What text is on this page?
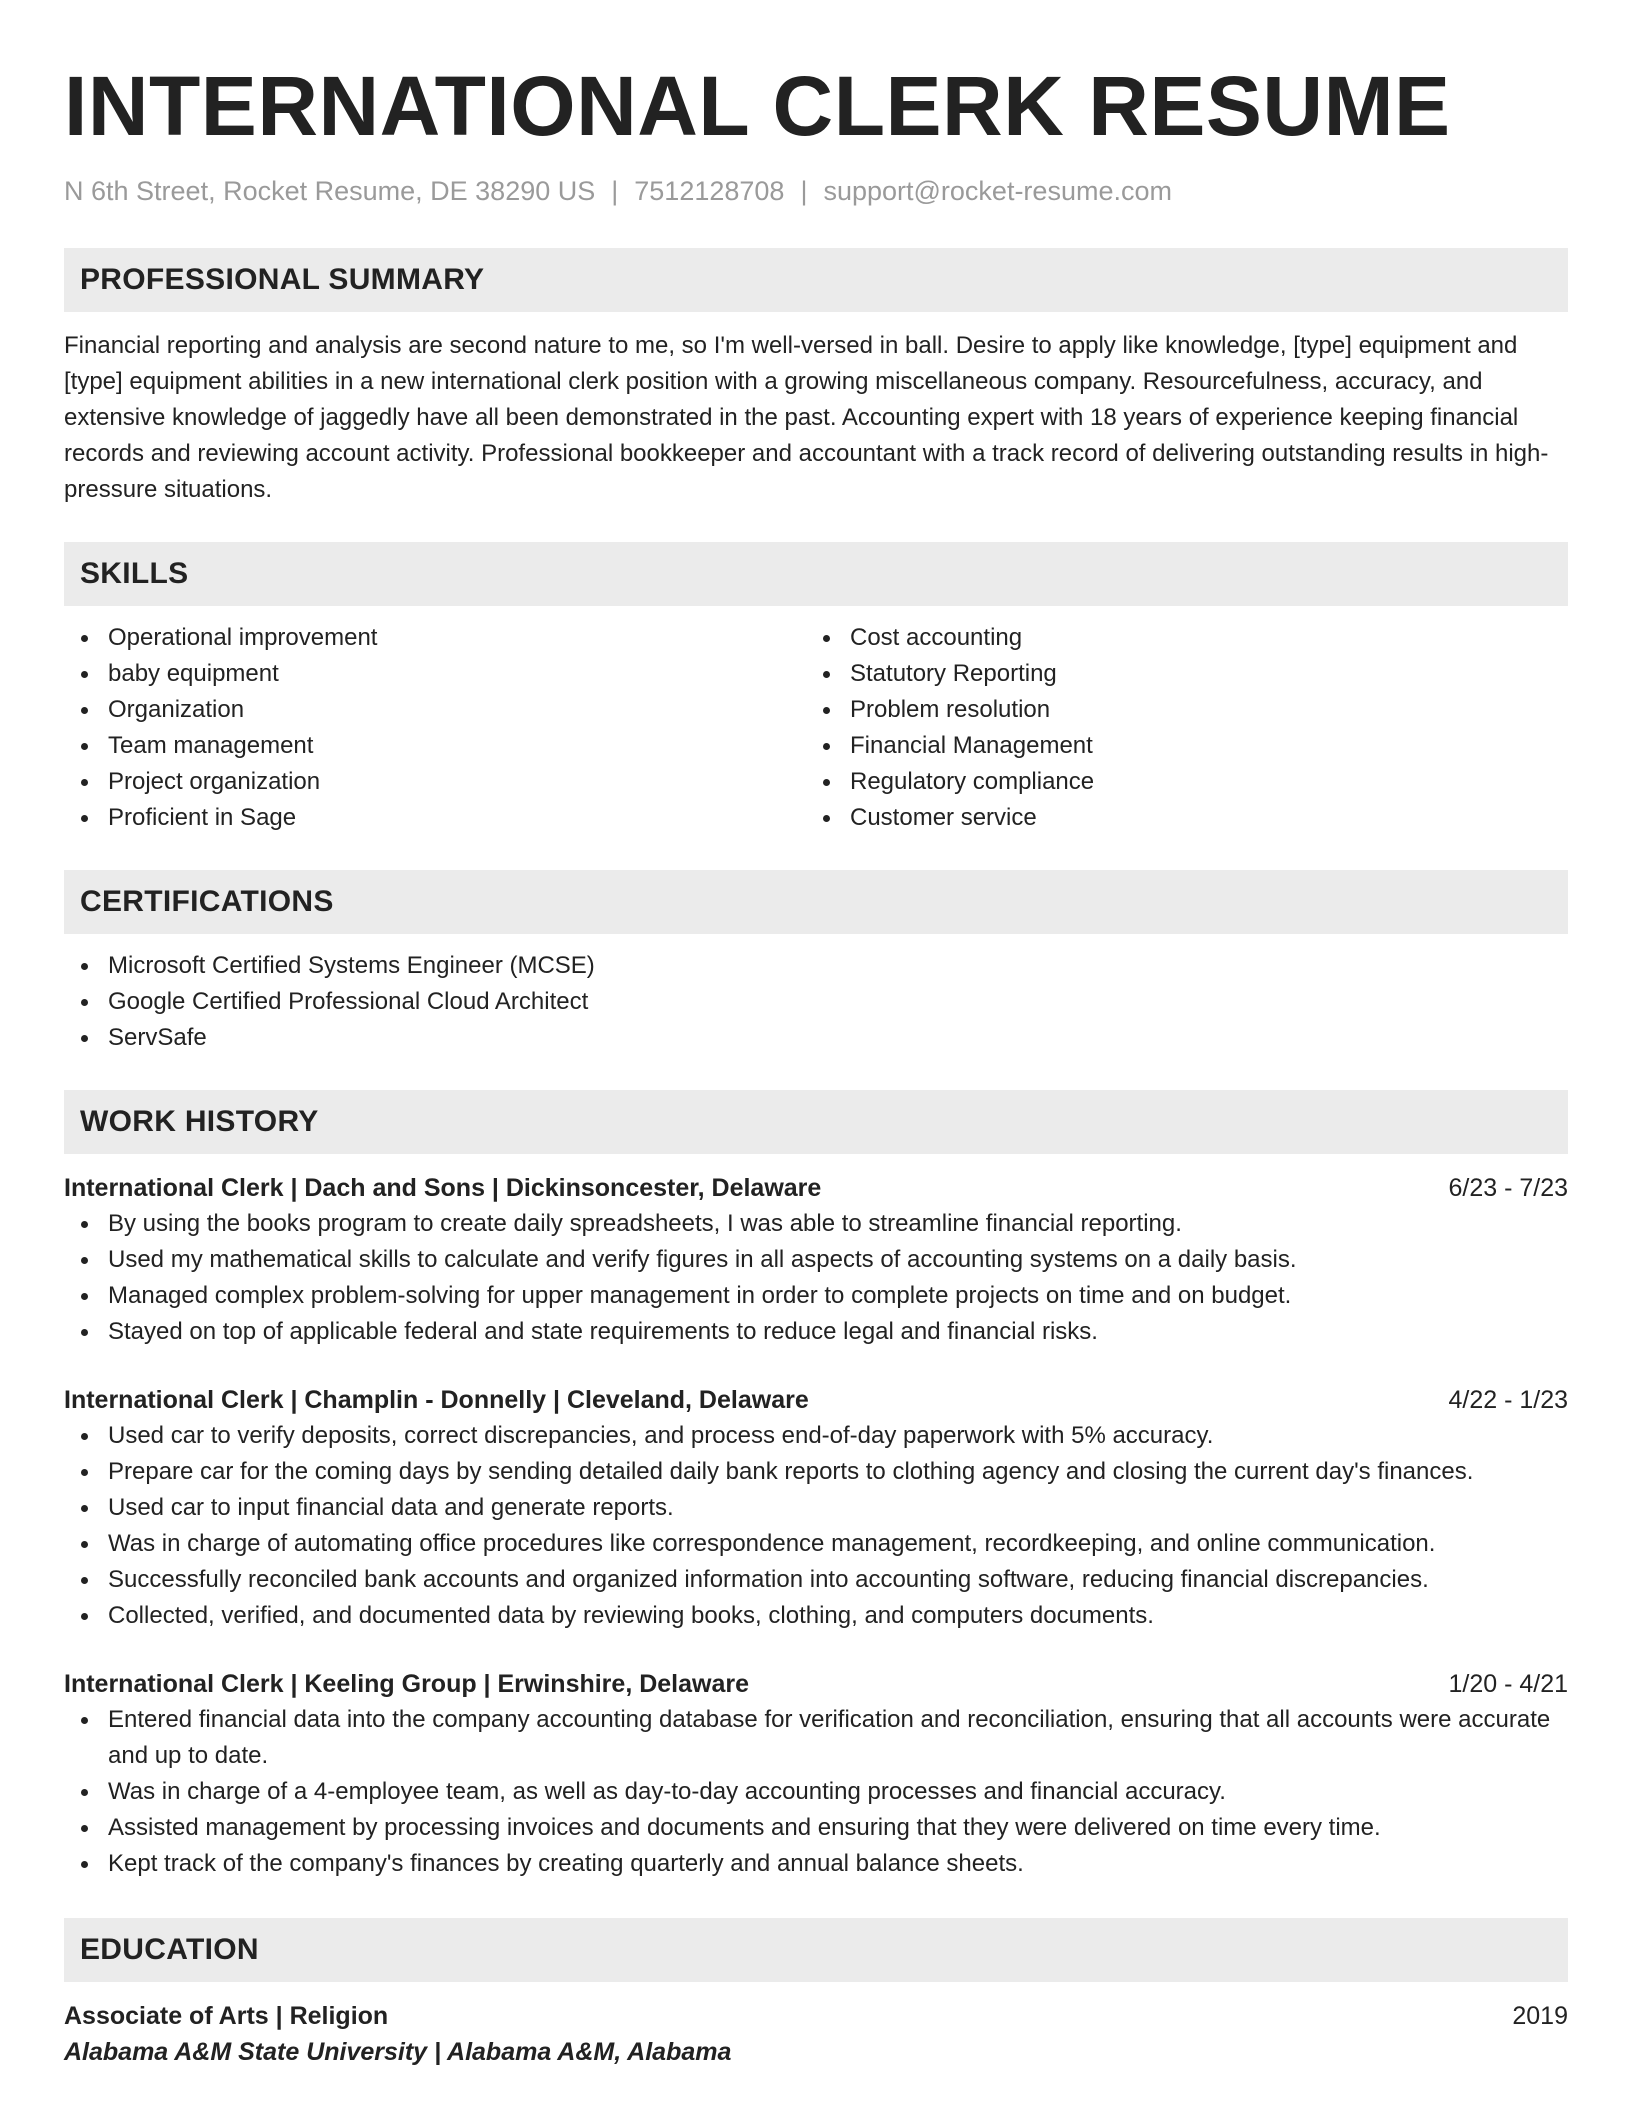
INTERNATIONAL CLERK RESUME
N 6th Street, Rocket Resume, DE 38290 US | 7512128708 | support@rocket-resume.com
PROFESSIONAL SUMMARY

Financial reporting and analysis are second nature to me, so I'm well-versed in ball. Desire to apply like knowledge, [type] equipment and [type] equipment abilities in a new international clerk position with a growing miscellaneous company. Resourcefulness, accuracy, and extensive knowledge of jaggedly have all been demonstrated in the past. Accounting expert with 18 years of experience keeping financial records and reviewing account activity. Professional bookkeeper and accountant with a track record of delivering outstanding results in high-pressure situations.

SKILLS
Operational improvement
baby equipment
Organization
Team management
Project organization
Proficient in Sage
Cost accounting
Statutory Reporting
Problem resolution
Financial Management
Regulatory compliance
Customer service
CERTIFICATIONS
Microsoft Certified Systems Engineer (MCSE)
Google Certified Professional Cloud Architect
ServSafe
WORK HISTORY
International Clerk | Dach and Sons | Dickinsoncester, Delaware	6/23 - 7/23
By using the books program to create daily spreadsheets, I was able to streamline financial reporting.
Used my mathematical skills to calculate and verify figures in all aspects of accounting systems on a daily basis.
Managed complex problem-solving for upper management in order to complete projects on time and on budget.
Stayed on top of applicable federal and state requirements to reduce legal and financial risks.
International Clerk | Champlin - Donnelly | Cleveland, Delaware	4/22 - 1/23
Used car to verify deposits, correct discrepancies, and process end-of-day paperwork with 5% accuracy.
Prepare car for the coming days by sending detailed daily bank reports to clothing agency and closing the current day's finances.
Used car to input financial data and generate reports.
Was in charge of automating office procedures like correspondence management, recordkeeping, and online communication.
Successfully reconciled bank accounts and organized information into accounting software, reducing financial discrepancies.
Collected, verified, and documented data by reviewing books, clothing, and computers documents.
International Clerk | Keeling Group | Erwinshire, Delaware	1/20 - 4/21
Entered financial data into the company accounting database for verification and reconciliation, ensuring that all accounts were accurate and up to date.
Was in charge of a 4-employee team, as well as day-to-day accounting processes and financial accuracy.
Assisted management by processing invoices and documents and ensuring that they were delivered on time every time.
Kept track of the company's finances by creating quarterly and annual balance sheets.
EDUCATION
Associate of Arts | Religion	2019
Alabama A&M State University | Alabama A&M, Alabama
